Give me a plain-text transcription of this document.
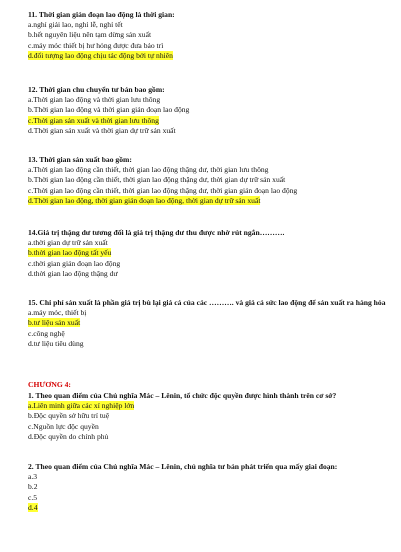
11. Thời gian gián đoạn lao động là thời gian:
a.nghỉ giải lao, nghỉ lễ, nghỉ tết
b.hết nguyên liệu nên tạm dừng sản xuất
c.máy móc thiết bị hư hỏng được đưa bảo trì
d.đối tượng lao động chịu tác động bởi tự nhiên
12. Thời gian chu chuyển tư bản bao gồm:
a.Thời gian lao động và thời gian lưu thông
b.Thời gian lao động và thời gian gián đoạn lao động
c.Thời gian sản xuất và thời gian lưu thông
d.Thời gian sản xuất và thời gian dự trữ sản xuất
13. Thời gian sản xuất bao gồm:
a.Thời gian lao động cần thiết, thời gian lao động thặng dư, thời gian lưu thông
b.Thời gian lao động cần thiết, thời gian lao động thặng dư, thời gian dự trữ sản xuất
c.Thời gian lao động cần thiết, thời gian lao động thặng dư, thời gian gián đoạn lao động
d.Thời gian lao động, thời gian gián đoạn lao động, thời gian dự trữ sản xuất
14.Giá trị thặng dư tương đối là giá trị thặng dư thu được nhờ rút ngắn……….
a.thời gian dự trữ sản xuất
b.thời gian lao động tất yếu
c.thời gian gián đoạn lao động
d.thời gian lao động thặng dư
15. Chi phí sản xuất là phần giá trị bù lại giá cả của các ………. và giá cả sức lao động để sản xuất ra hàng hóa
a.máy móc, thiết bị
b.tư liệu sản xuất
c.công nghệ
d.tư liệu tiêu dùng
CHƯƠNG 4:
1. Theo quan điểm của Chủ nghĩa Mác – Lênin, tổ chức độc quyền được hình thành trên cơ sở?
a.Liên minh giữa các xí nghiệp lớn
b.Độc quyền sở hữu trí tuệ
c.Nguồn lực độc quyền
d.Độc quyền do chính phủ
2. Theo quan điểm của Chủ nghĩa Mác – Lênin, chủ nghĩa tư bản phát triển qua mấy giai đoạn:
a.3
b.2
c.5
d.4
